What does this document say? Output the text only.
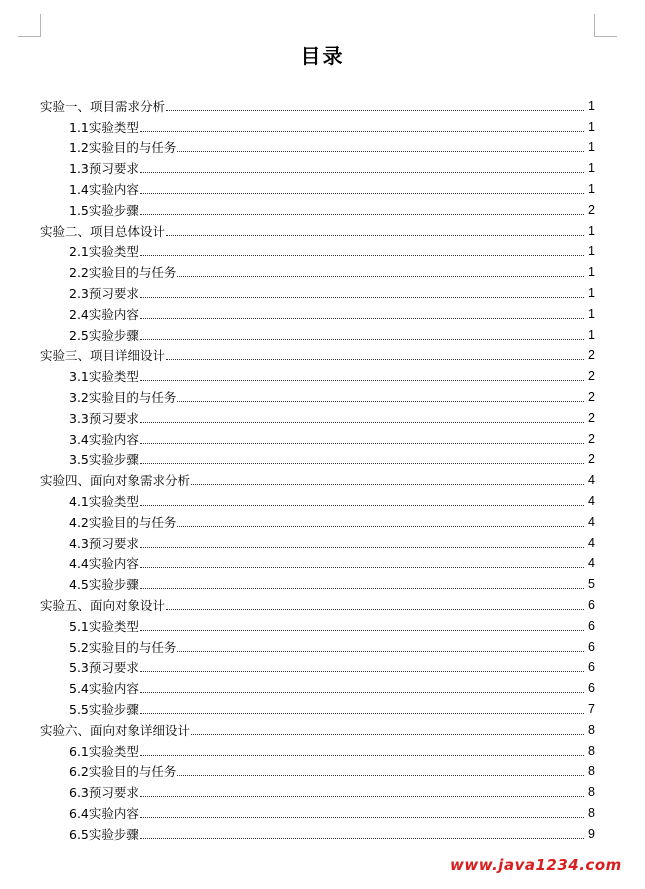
目录
实验一、项目需求分析	1
1.1实验类型	1
1.2实验目的与任务	1
1.3预习要求	1
1.4实验内容	1
1.5实验步骤	2
实验二、项目总体设计	1
2.1实验类型	1
2.2实验目的与任务	1
2.3预习要求	1
2.4实验内容	1
2.5实验步骤	1
实验三、项目详细设计	2
3.1实验类型	2
3.2实验目的与任务	2
3.3预习要求	2
3.4实验内容	2
3.5实验步骤	2
实验四、面向对象需求分析	4
4.1实验类型	4
4.2实验目的与任务	4
4.3预习要求	4
4.4实验内容	4
4.5实验步骤	5
实验五、面向对象设计	6
5.1实验类型	6
5.2实验目的与任务	6
5.3预习要求	6
5.4实验内容	6
5.5实验步骤	7
实验六、面向对象详细设计	8
6.1实验类型	8
6.2实验目的与任务	8
6.3预习要求	8
6.4实验内容	8
6.5实验步骤	9
www.java1234.com
